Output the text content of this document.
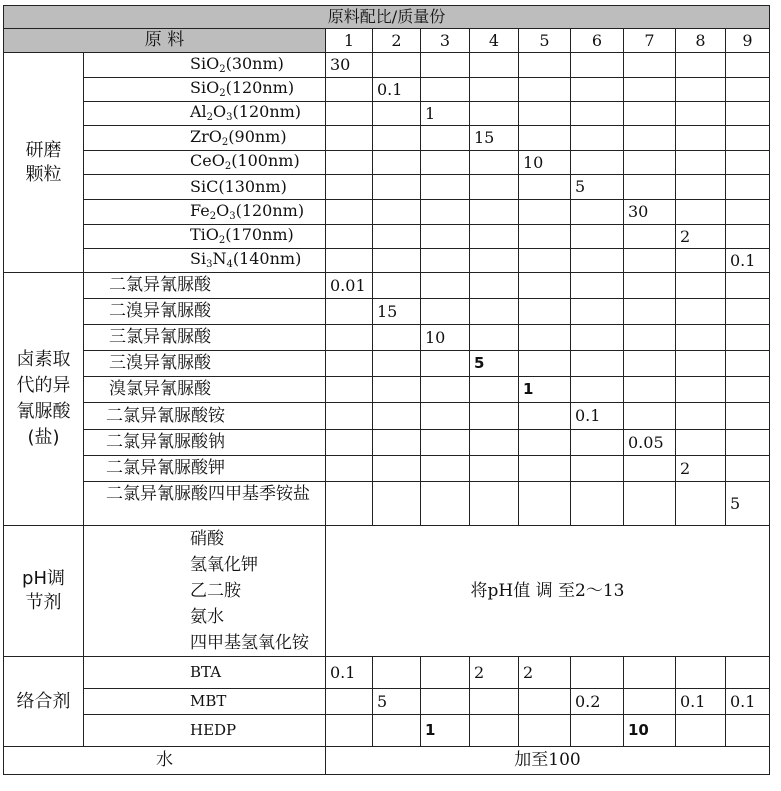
原料配比/质量份										
原 料		1	2	3	4	5	6	7	8	9
研磨颗粒	SiO$_2$(30nm)	30								
	SiO$_2$(120nm)		0.1							
	$Al_2O_3(120nm)$			1						
	ZrO$_2$(90nm)				15					
	CeO$_2$(100nm)					10				
	SiC(130nm)						5			
	$Fe_2O_3(120nm)$							30		
	TiO$_2$(170nm)								2	
	$Si_3N_4(140nm)$									0.1
卤素取代的异氰脲酸(盐)	二氯异氰脲酸	0.01								
	二溴异氰脲酸		15							
	三氯异氰脲酸			10						
	三溴异氰脲酸				5					
	溴氯异氰脲酸					1				
	二氯异氰脲酸铵						0.1			
	二氯异氰脲酸钠							0.05		
	二氯异氰脲酸钾								2	
	二氯异氰脲酸四甲基季铵盐									5
pH调节剂	硝酸
氢氧化钾
乙二胺
氨水
四甲基氢氧化铵	将pH值 调 至2～13								
络合剂	BTA	0.1			2	2				
	MBT		5				0.2		0.1	0.1
	HEDP			1				10		
水		加至100								
